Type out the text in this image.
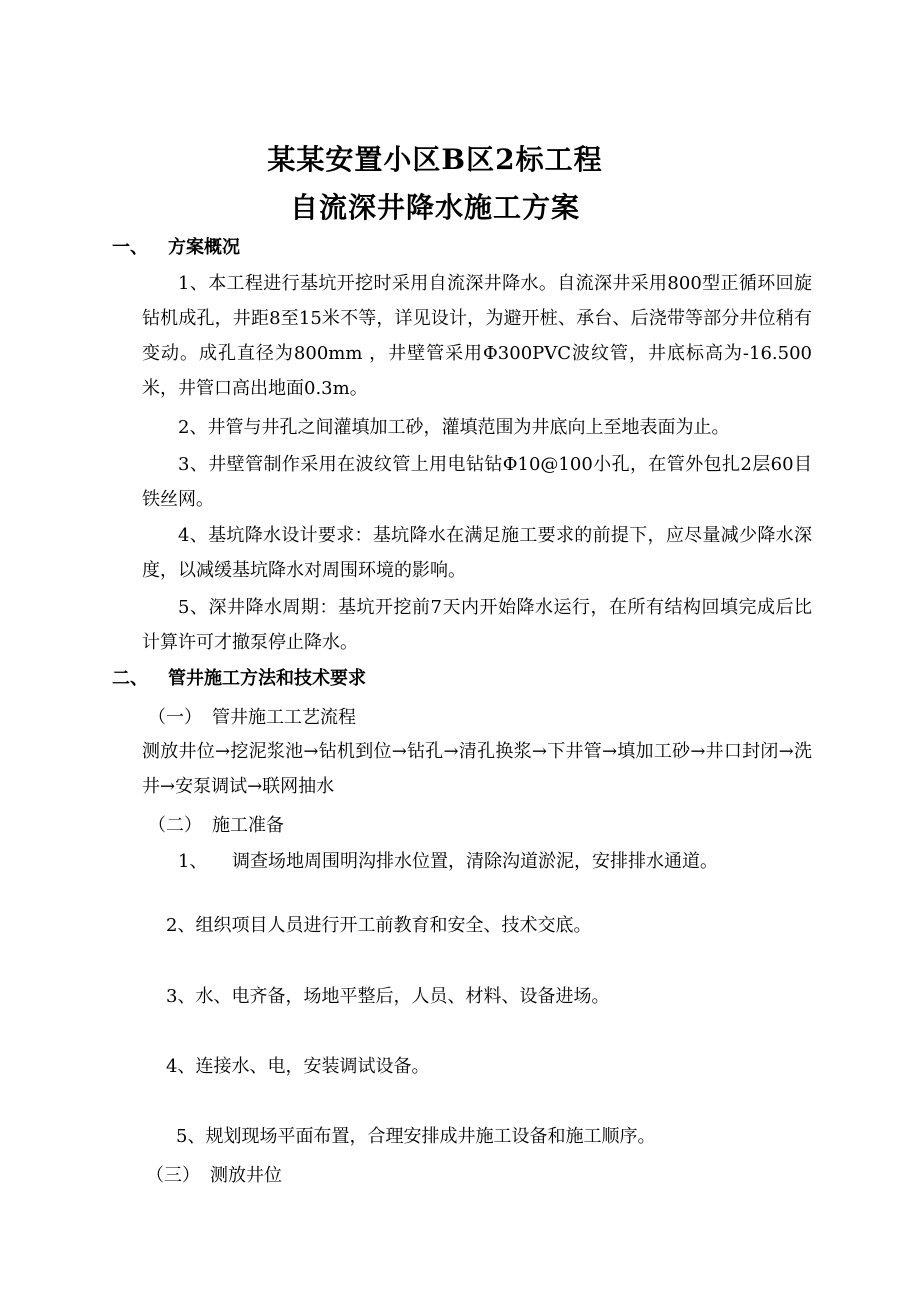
某某安置小区B区2标工程
自流深井降水施工方案
一、 方案概况
1、本工程进行基坑开挖时采用自流深井降水。自流深井采用800型正循环回旋钻机成孔，井距8至15米不等，详见设计，为避开桩、承台、后浇带等部分井位稍有变动。成孔直径为800mm ，井壁管采用Φ300PVC波纹管，井底标高为-16.500米，井管口高出地面0.3m。
2、井管与井孔之间灌填加工砂，灌填范围为井底向上至地表面为止。
3、井壁管制作采用在波纹管上用电钻钻Φ10@100小孔，在管外包扎2层60目铁丝网。
4、基坑降水设计要求：基坑降水在满足施工要求的前提下，应尽量减少降水深度，以减缓基坑降水对周围环境的影响。
5、深井降水周期：基坑开挖前7天内开始降水运行，在所有结构回填完成后比计算许可才撤泵停止降水。
二、 管井施工方法和技术要求
（一） 管井施工工艺流程
测放井位→挖泥浆池→钻机到位→钻孔→清孔换浆→下井管→填加工砂→井口封闭→洗井→安泵调试→联网抽水
（二） 施工准备
1、 调查场地周围明沟排水位置，清除沟道淤泥，安排排水通道。
2、组织项目人员进行开工前教育和安全、技术交底。
3、水、电齐备，场地平整后，人员、材料、设备进场。
4、连接水、电，安装调试设备。
5、规划现场平面布置，合理安排成井施工设备和施工顺序。
（三） 测放井位
